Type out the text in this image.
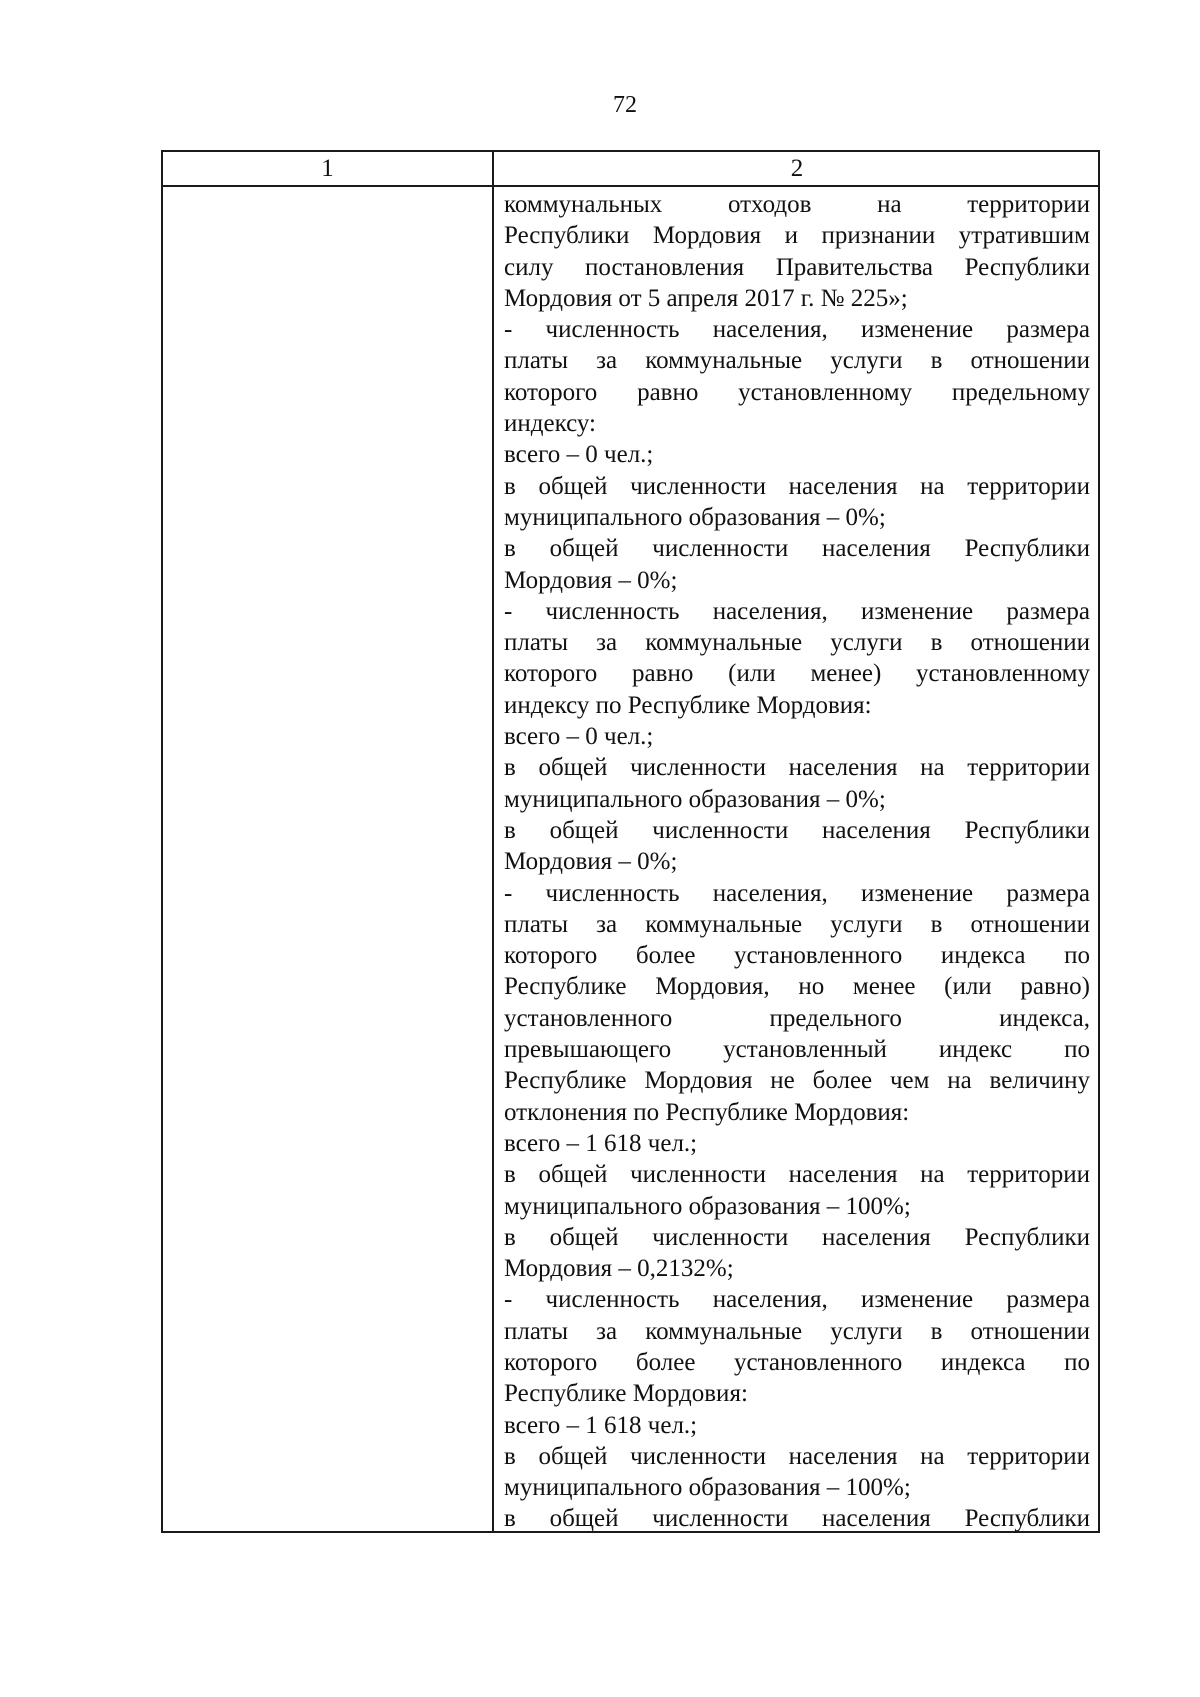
72
1	2
коммунальных отходов на территории
Республики Мордовия и признании утратившим
силу постановления Правительства Республики
Мордовия от 5 апреля 2017 г. № 225»;
- численность населения, изменение размера
платы за коммунальные услуги в отношении
которого равно установленному предельному
индексу:
всего – 0 чел.;
в общей численности населения на территории
муниципального образования – 0%;
в общей численности населения Республики
Мордовия – 0%;
- численность населения, изменение размера
платы за коммунальные услуги в отношении
которого равно (или менее) установленному
индексу по Республике Мордовия:
всего – 0 чел.;
в общей численности населения на территории
муниципального образования – 0%;
в общей численности населения Республики
Мордовия – 0%;
- численность населения, изменение размера
платы за коммунальные услуги в отношении
которого более установленного индекса по
Республике Мордовия, но менее (или равно)
установленного предельного индекса,
превышающего установленный индекс по
Республике Мордовия не более чем на величину
отклонения по Республике Мордовия:
всего – 1 618 чел.;
в общей численности населения на территории
муниципального образования – 100%;
в общей численности населения Республики
Мордовия – 0,2132%;
- численность населения, изменение размера
платы за коммунальные услуги в отношении
которого более установленного индекса по
Республике Мордовия:
всего – 1 618 чел.;
в общей численности населения на территории
муниципального образования – 100%;
в общей численности населения Республики
